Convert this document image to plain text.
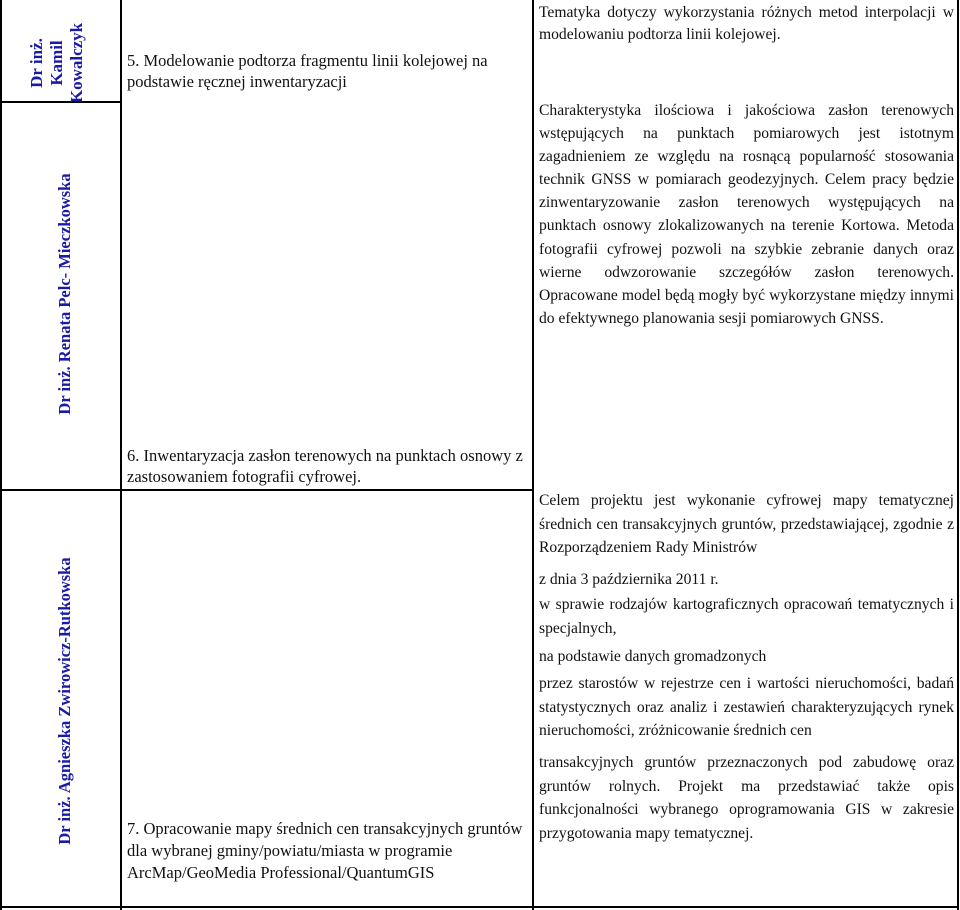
Dr inż. Kamil Kowalczyk
Dr inż. Renata Pelc- Mieczkowska
Dr inż. Agnieszka Zwirowicz-Rutkowska
5. Modelowanie podtorza fragmentu linii kolejowej na podstawie ręcznej inwentaryzacji
6. Inwentaryzacja zasłon terenowych na punktach osnowy z zastosowaniem fotografii cyfrowej.
7. Opracowanie mapy średnich cen transakcyjnych gruntów dla wybranej gminy/powiatu/miasta w programie ArcMap/GeoMedia Professional/QuantumGIS
Tematyka dotyczy wykorzystania różnych metod interpolacji w modelowaniu podtorza linii kolejowej.
Charakterystyka ilościowa i jakościowa zasłon terenowych wstępujących na punktach pomiarowych jest istotnym zagadnieniem ze względu na rosnącą popularność stosowania technik GNSS w pomiarach geodezyjnych. Celem pracy będzie zinwentaryzowanie zasłon terenowych występujących na punktach osnowy zlokalizowanych na terenie Kortowa. Metoda fotografii cyfrowej pozwoli na szybkie zebranie danych oraz wierne odwzorowanie szczegółów zasłon terenowych. Opracowane model będą mogły być wykorzystane między innymi do efektywnego planowania sesji pomiarowych GNSS.

Celem projektu jest wykonanie cyfrowej mapy tematycznej średnich cen transakcyjnych gruntów, przedstawiającej, zgodnie z Rozporządzeniem Rady Ministrów

z dnia 3 października 2011 r.

w sprawie rodzajów kartograficznych opracowań tematycznych i specjalnych,

na podstawie danych gromadzonych

przez starostów w rejestrze cen i wartości nieruchomości, badań statystycznych oraz analiz i zestawień charakteryzujących rynek nieruchomości, zróżnicowanie średnich cen

transakcyjnych gruntów przeznaczonych pod zabudowę oraz gruntów rolnych. Projekt ma przedstawiać także opis funkcjonalności wybranego oprogramowania GIS w zakresie przygotowania mapy tematycznej.
